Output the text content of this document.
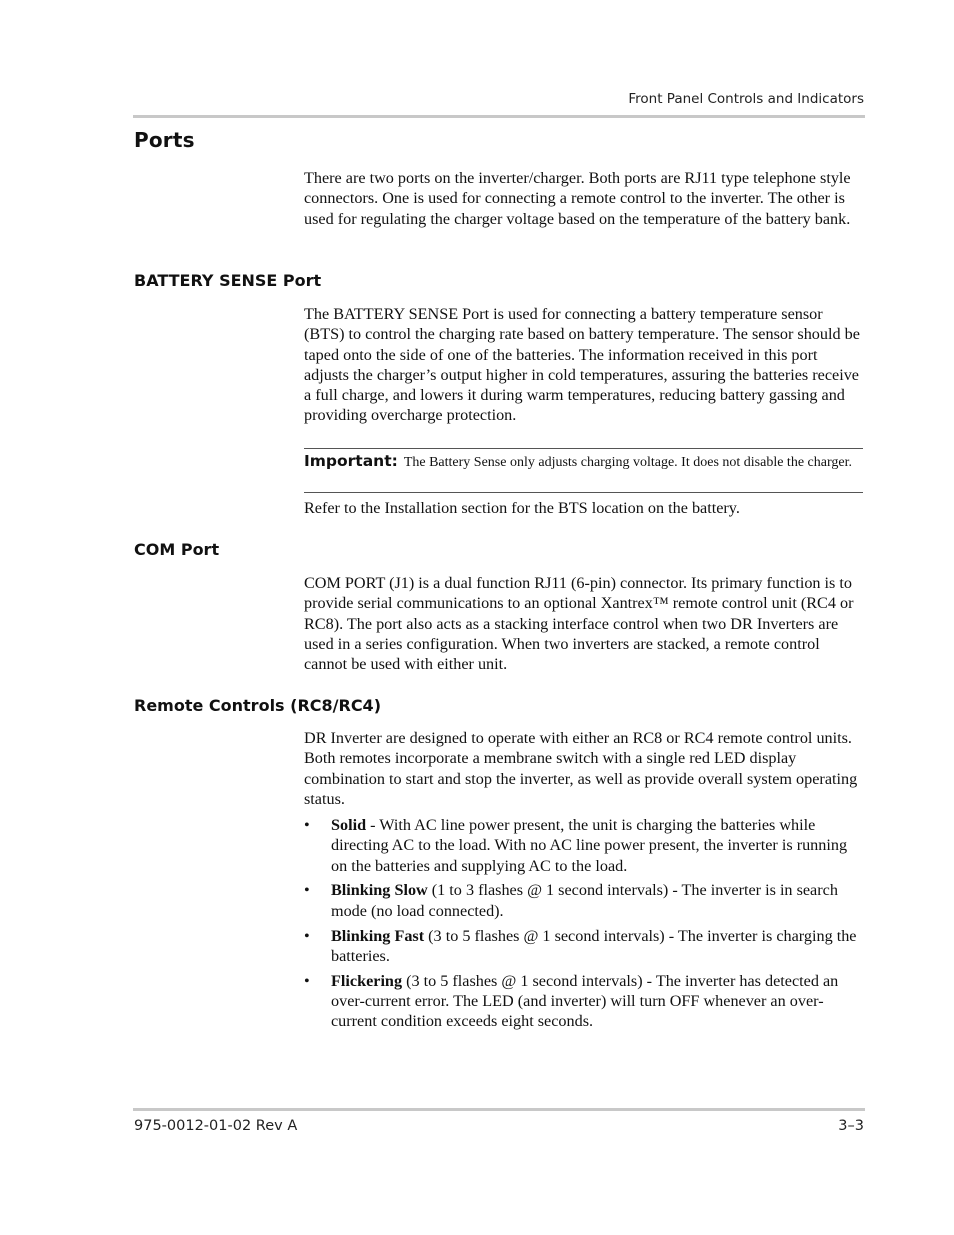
Front Panel Controls and Indicators
Ports

There are two ports on the inverter/charger. Both ports are RJ11 type telephone style connectors. One is used for connecting a remote control to the inverter. The other is used for regulating the charger voltage based on the temperature of the battery bank.

BATTERY SENSE Port

The BATTERY SENSE Port is used for connecting a battery temperature sensor (BTS) to control the charging rate based on battery temperature. The sensor should be taped onto the side of one of the batteries. The information received in this port adjusts the charger’s output higher in cold temperatures, assuring the batteries receive a full charge, and lowers it during warm temperatures, reducing battery gassing and providing overcharge protection.

Important: The Battery Sense only adjusts charging voltage. It does not disable the charger.

Refer to the Installation section for the BTS location on the battery.

COM Port

COM PORT (J1) is a dual function RJ11 (6-pin) connector. Its primary function is to provide serial communications to an optional Xantrex™ remote control unit (RC4 or RC8). The port also acts as a stacking interface control when two DR Inverters are used in a series configuration. When two inverters are stacked, a remote control cannot be used with either unit.

Remote Controls (RC8/RC4)

DR Inverter are designed to operate with either an RC8 or RC4 remote control units. Both remotes incorporate a membrane switch with a single red LED display combination to start and stop the inverter, as well as provide overall system operating status.

• Solid - With AC line power present, the unit is charging the batteries while directing AC to the load. With no AC line power present, the inverter is running on the batteries and supplying AC to the load.
• Blinking Slow (1 to 3 flashes @ 1 second intervals) - The inverter is in search mode (no load connected).
• Blinking Fast (3 to 5 flashes @ 1 second intervals) - The inverter is charging the batteries.
• Flickering (3 to 5 flashes @ 1 second intervals) - The inverter has detected an over-current error. The LED (and inverter) will turn OFF whenever an over-current condition exceeds eight seconds.
975-0012-01-02 Rev A	3–3
